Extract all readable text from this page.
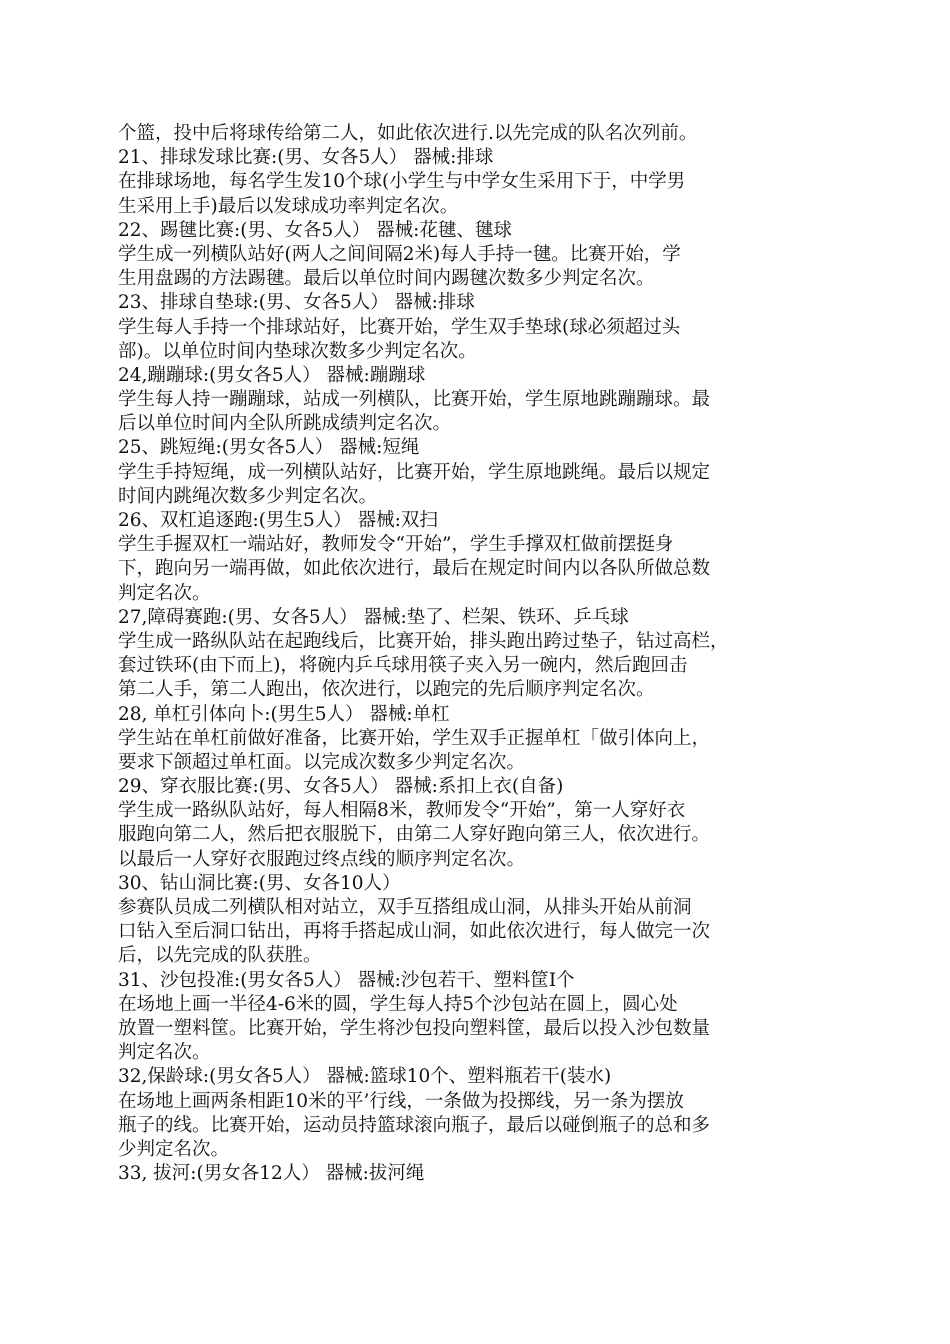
个篮，投中后将球传给第二人，如此依次进行.以先完成的队名次列前。
21、排球发球比赛:(男、女各5人） 器械:排球
在排球场地，每名学生发10个球(小学生与中学女生采用下于，中学男
生采用上手)最后以发球成功率判定名次。
22、踢毽比赛:(男、女各5人） 器械:花毽、毽球
学生成一列横队站好(两人之间间隔2米)每人手持一毽。比赛开始，学
生用盘踢的方法踢毽。最后以单位时间内踢毽次数多少判定名次。
23、排球自垫球:(男、女各5人） 器械:排球
学生每人手持一个排球站好，比赛开始，学生双手垫球(球必须超过头
部)。以单位时间内垫球次数多少判定名次。
24,蹦蹦球:(男女各5人） 器械:蹦蹦球
学生每人持一蹦蹦球，站成一列横队，比赛开始，学生原地跳蹦蹦球。最
后以单位时间内全队所跳成绩判定名次。
25、跳短绳:(男女各5人） 器械:短绳
学生手持短绳，成一列横队站好，比赛开始，学生原地跳绳。最后以规定
时间内跳绳次数多少判定名次。
26、双杠追逐跑:(男生5人） 器械:双扫
学生手握双杠一端站好，教师发令“开始”，学生手撑双杠做前摆挺身
下，跑向另一端再做，如此依次进行，最后在规定时间内以各队所做总数
判定名次。
27,障碍赛跑:(男、女各5人） 器械:垫了、栏架、铁环、乒乓球
学生成一路纵队站在起跑线后，比赛开始，排头跑出跨过垫子，钻过高栏，
套过铁环(由下而上)，将碗内乒乓球用筷子夹入另一碗内，然后跑回击
第二人手，第二人跑出，依次进行，以跑完的先后顺序判定名次。
28, 单杠引体向卜:(男生5人） 器械:单杠
学生站在单杠前做好准备，比赛开始，学生双手正握单杠「做引体向上，
要求下颌超过单杠面。以完成次数多少判定名次。
29、穿衣服比赛:(男、女各5人） 器械:系扣上衣(自备)
学生成一路纵队站好，每人相隔8米，教师发令“开始”，第一人穿好衣
服跑向第二人，然后把衣服脱下，由第二人穿好跑向第三人，依次进行。
以最后一人穿好衣服跑过终点线的顺序判定名次。
30、钻山洞比赛:(男、女各10人）
参赛队员成二列横队相对站立，双手互搭组成山洞，从排头开始从前洞
口钻入至后洞口钻出，再将手搭起成山洞，如此依次进行，每人做完一次
后，以先完成的队获胜。
31、沙包投准:(男女各5人） 器械:沙包若干、塑料筐I个
在场地上画一半径4-6米的圆，学生每人持5个沙包站在圆上，圆心处
放置一塑料筐。比赛开始，学生将沙包投向塑料筐，最后以投入沙包数量
判定名次。
32,保龄球:(男女各5人） 器械:篮球10个、塑料瓶若干(装水)
在场地上画两条相距10米的平’行线，一条做为投掷线，另一条为摆放
瓶子的线。比赛开始，运动员持篮球滚向瓶子，最后以碰倒瓶子的总和多
少判定名次。
33, 拔河:(男女各12人） 器械:拔河绳
